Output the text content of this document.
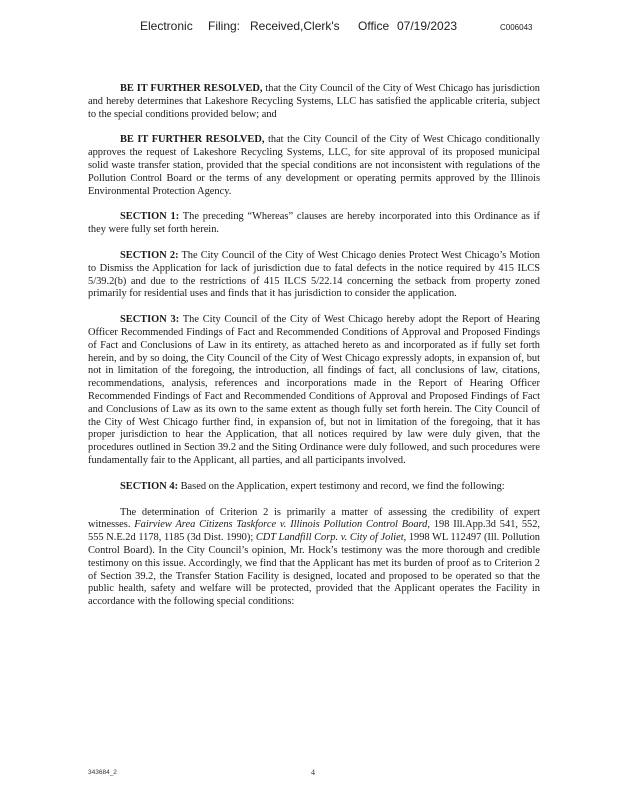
Electronic Filing: Received,Clerk's Office 07/19/2023	C006043

BE IT FURTHER RESOLVED, that the City Council of the City of West Chicago has jurisdiction and hereby determines that Lakeshore Recycling Systems, LLC has satisfied the applicable criteria, subject to the special conditions provided below; and

BE IT FURTHER RESOLVED, that the City Council of the City of West Chicago conditionally approves the request of Lakeshore Recycling Systems, LLC, for site approval of its proposed municipal solid waste transfer station, provided that the special conditions are not inconsistent with regulations of the Pollution Control Board or the terms of any development or operating permits approved by the Illinois Environmental Protection Agency.

SECTION 1: The preceding “Whereas” clauses are hereby incorporated into this Ordinance as if they were fully set forth herein.

SECTION 2: The City Council of the City of West Chicago denies Protect West Chicago’s Motion to Dismiss the Application for lack of jurisdiction due to fatal defects in the notice required by 415 ILCS 5/39.2(b) and due to the restrictions of 415 ILCS 5/22.14 concerning the setback from property zoned primarily for residential uses and finds that it has jurisdiction to consider the application.

SECTION 3: The City Council of the City of West Chicago hereby adopt the Report of Hearing Officer Recommended Findings of Fact and Recommended Conditions of Approval and Proposed Findings of Fact and Conclusions of Law in its entirety, as attached hereto as and incorporated as if fully set forth herein, and by so doing, the City Council of the City of West Chicago expressly adopts, in expansion of, but not in limitation of the foregoing, the introduction, all findings of fact, all conclusions of law, citations, recommendations, analysis, references and incorporations made in the Report of Hearing Officer Recommended Findings of Fact and Recommended Conditions of Approval and Proposed Findings of Fact and Conclusions of Law as its own to the same extent as though fully set forth herein. The City Council of the City of West Chicago further find, in expansion of, but not in limitation of the foregoing, that it has proper jurisdiction to hear the Application, that all notices required by law were duly given, that the procedures outlined in Section 39.2 and the Siting Ordinance were duly followed, and such procedures were fundamentally fair to the Applicant, all parties, and all participants involved.

SECTION 4: Based on the Application, expert testimony and record, we find the following:

The determination of Criterion 2 is primarily a matter of assessing the credibility of expert witnesses. Fairview Area Citizens Taskforce v. Illinois Pollution Control Board, 198 Ill.App.3d 541, 552, 555 N.E.2d 1178, 1185 (3d Dist. 1990); CDT Landfill Corp. v. City of Joliet, 1998 WL 112497 (Ill. Pollution Control Board). In the City Council’s opinion, Mr. Hock’s testimony was the more thorough and credible testimony on this issue. Accordingly, we find that the Applicant has met its burden of proof as to Criterion 2 of Section 39.2, the Transfer Station Facility is designed, located and proposed to be operated so that the public health, safety and welfare will be protected, provided that the Applicant operates the Facility in accordance with the following special conditions:

343684_2	4
